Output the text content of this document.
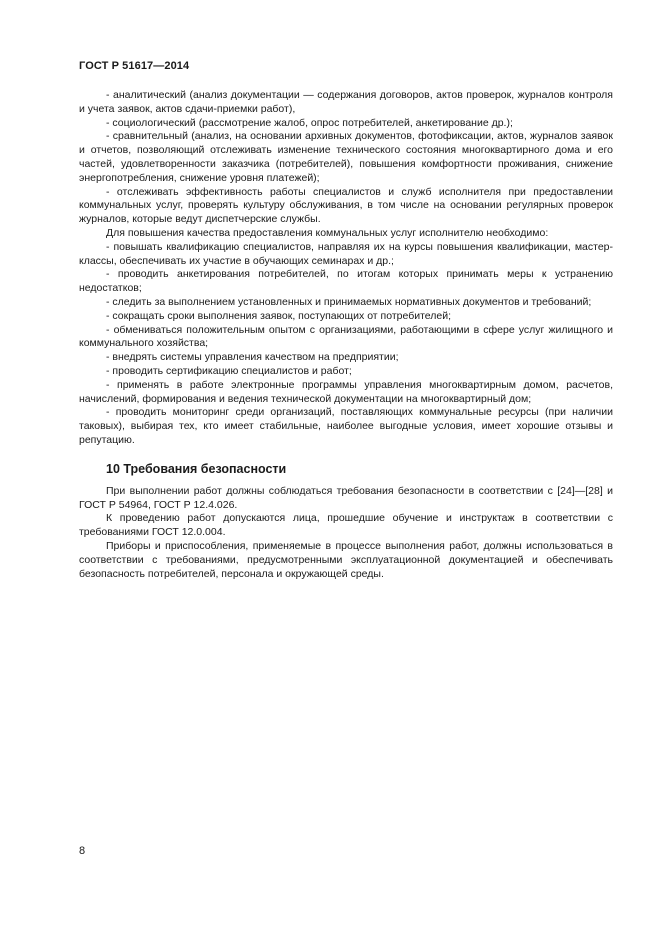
ГОСТ Р 51617—2014

- аналитический (анализ документации — содержания договоров, актов проверок, журналов контроля и учета заявок, актов сдачи-приемки работ),

- социологический (рассмотрение жалоб, опрос потребителей, анкетирование др.);

- сравнительный (анализ, на основании архивных документов, фотофиксации, актов, журналов заявок и отчетов, позволяющий отслеживать изменение технического состояния многоквартирного дома и его частей, удовлетворенности заказчика (потребителей), повышения комфортности проживания, снижение энергопотребления, снижение уровня платежей);

- отслеживать эффективность работы специалистов и служб исполнителя при предоставлении коммунальных услуг, проверять культуру обслуживания, в том числе на основании регулярных проверок журналов, которые ведут диспетчерские службы.

Для повышения качества предоставления коммунальных услуг исполнителю необходимо:

- повышать квалификацию специалистов, направляя их на курсы повышения квалификации, мастер-классы, обеспечивать их участие в обучающих семинарах и др.;

- проводить анкетирования потребителей, по итогам которых принимать меры к устранению недостатков;

- следить за выполнением установленных и принимаемых нормативных документов и требований;

- сокращать сроки выполнения заявок, поступающих от потребителей;

- обмениваться положительным опытом с организациями, работающими в сфере услуг жилищного и коммунального хозяйства;

- внедрять системы управления качеством на предприятии;

- проводить сертификацию специалистов и работ;

- применять в работе электронные программы управления многоквартирным домом, расчетов, начислений, формирования и ведения технической документации на многоквартирный дом;

- проводить мониторинг среди организаций, поставляющих коммунальные ресурсы (при наличии таковых), выбирая тех, кто имеет стабильные, наиболее выгодные условия, имеет хорошие отзывы и репутацию.

10 Требования безопасности

При выполнении работ должны соблюдаться требования безопасности в соответствии с [24]—[28] и ГОСТ Р 54964, ГОСТ Р 12.4.026.

К проведению работ допускаются лица, прошедшие обучение и инструктаж в соответствии с требованиями ГОСТ 12.0.004.

Приборы и приспособления, применяемые в процессе выполнения работ, должны использоваться в соответствии с требованиями, предусмотренными эксплуатационной документацией и обеспечивать безопасность потребителей, персонала и окружающей среды.

8
